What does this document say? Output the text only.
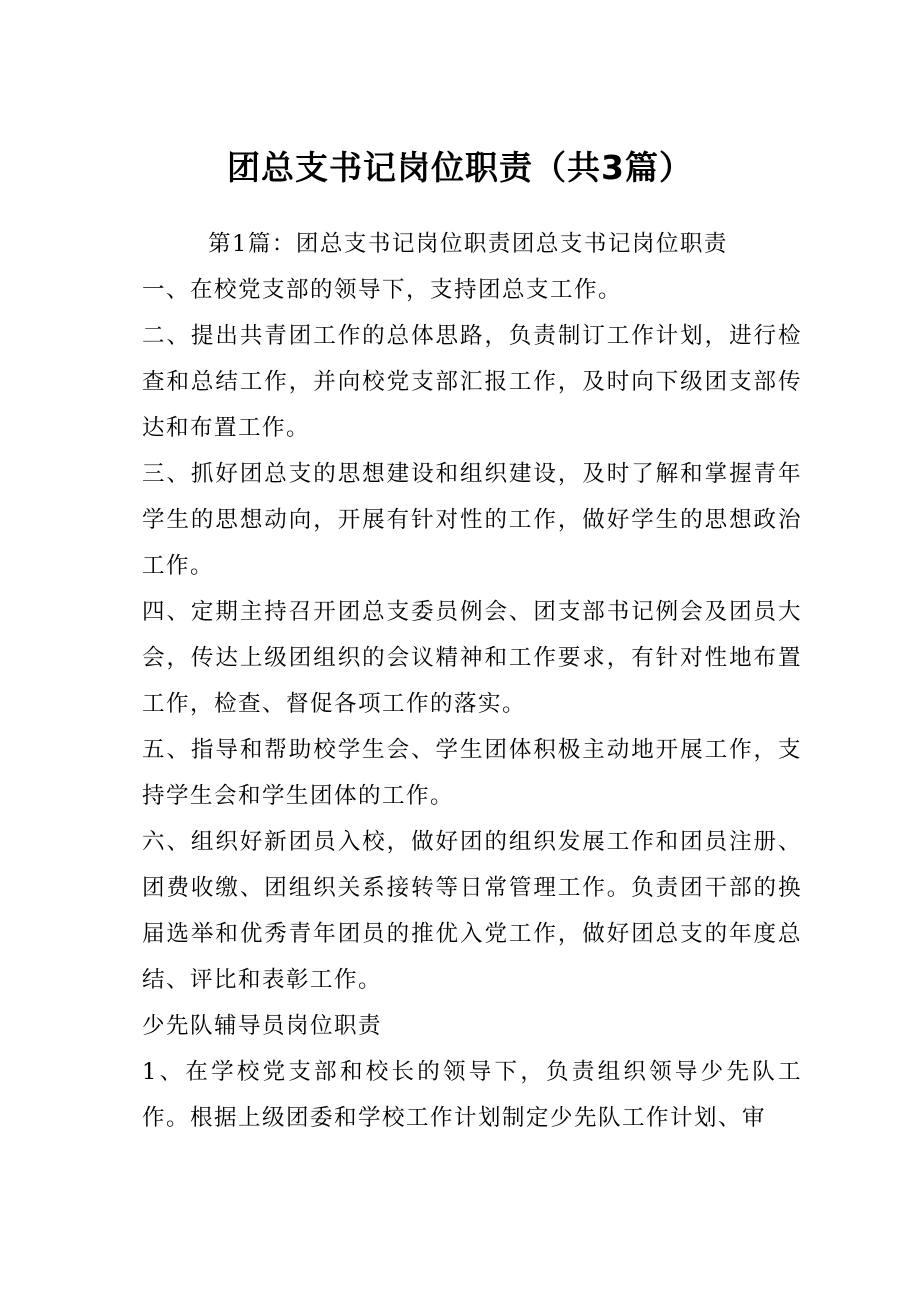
团总支书记岗位职责（共3篇）

第1篇：团总支书记岗位职责团总支书记岗位职责

一、在校党支部的领导下，支持团总支工作。

二、提出共青团工作的总体思路，负责制订工作计划，进行检查和总结工作，并向校党支部汇报工作，及时向下级团支部传达和布置工作。

三、抓好团总支的思想建设和组织建设，及时了解和掌握青年学生的思想动向，开展有针对性的工作，做好学生的思想政治工作。

四、定期主持召开团总支委员例会、团支部书记例会及团员大会，传达上级团组织的会议精神和工作要求，有针对性地布置工作，检查、督促各项工作的落实。

五、指导和帮助校学生会、学生团体积极主动地开展工作，支持学生会和学生团体的工作。

六、组织好新团员入校，做好团的组织发展工作和团员注册、团费收缴、团组织关系接转等日常管理工作。负责团干部的换届选举和优秀青年团员的推优入党工作，做好团总支的年度总结、评比和表彰工作。

少先队辅导员岗位职责

1、在学校党支部和校长的领导下，负责组织领导少先队工作。根据上级团委和学校工作计划制定少先队工作计划、审
